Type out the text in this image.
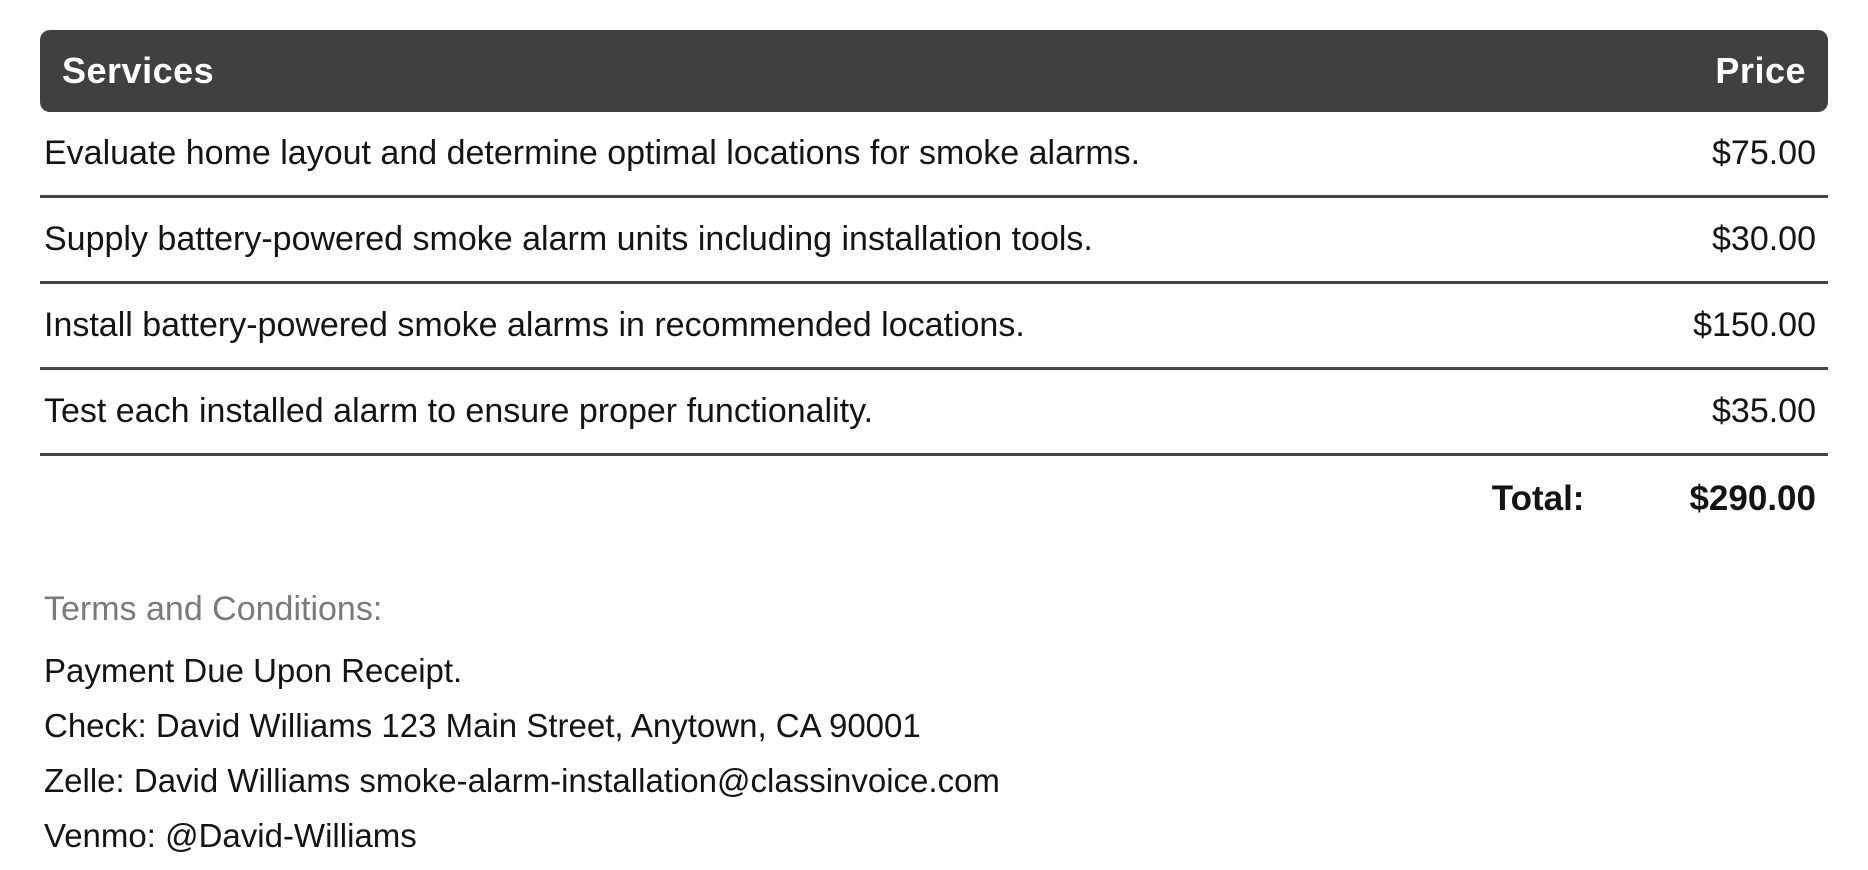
Services	Price
Evaluate home layout and determine optimal locations for smoke alarms.	$75.00
Supply battery-powered smoke alarm units including installation tools.	$30.00
Install battery-powered smoke alarms in recommended locations.	$150.00
Test each installed alarm to ensure proper functionality.	$35.00
Total:	$290.00
Terms and Conditions:
Payment Due Upon Receipt.
Check: David Williams 123 Main Street, Anytown, CA 90001
Zelle: David Williams smoke-alarm-installation@classinvoice.com
Venmo: @David-Williams
